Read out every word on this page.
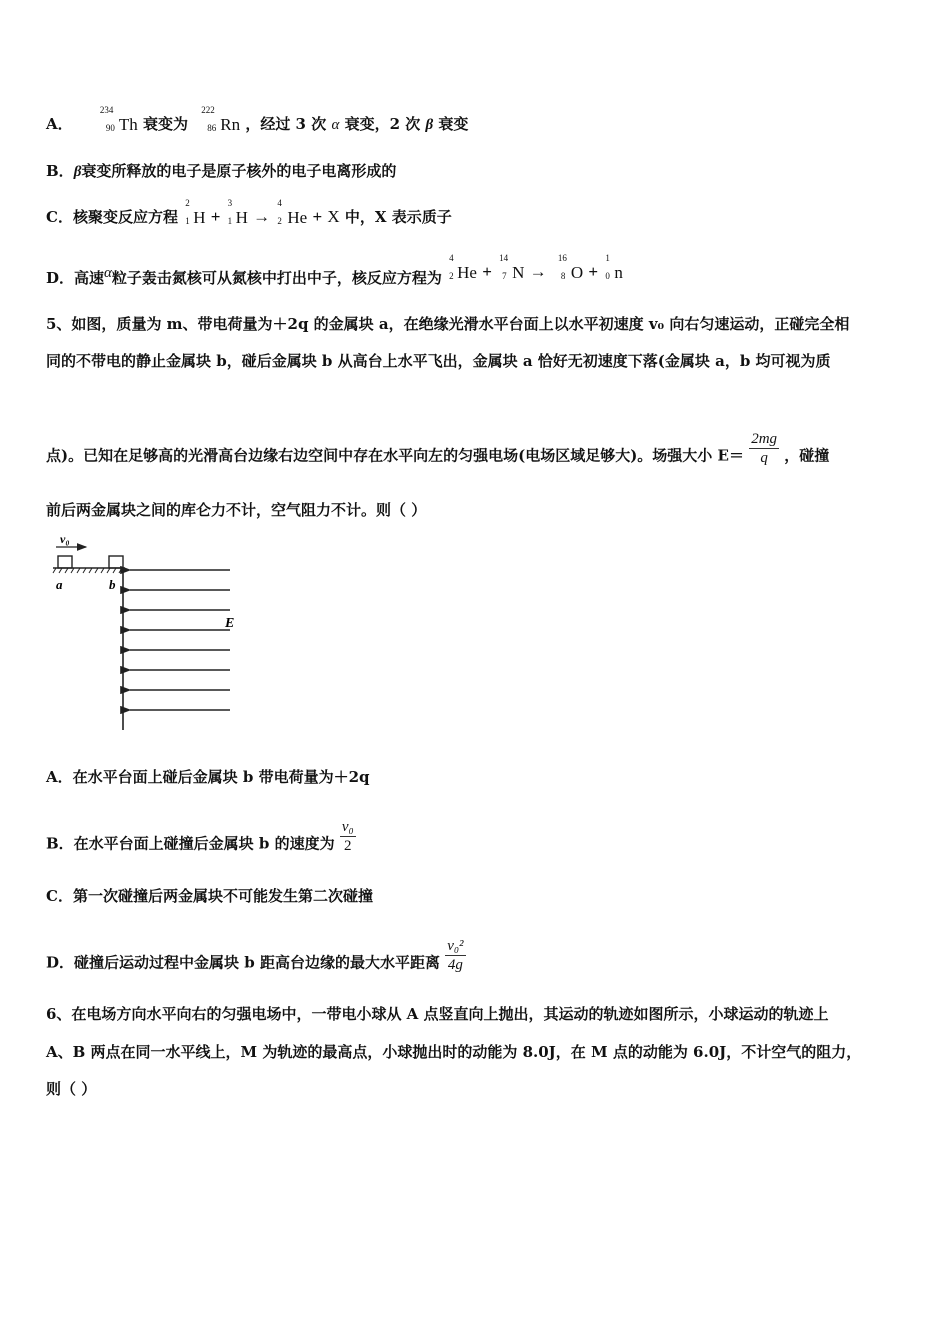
A．
234
90 Th 衰变为
222
86 Rn ，经过 3 次 α 衰变，2 次 β 衰变
B．β衰变所释放的电子是原子核外的电子电离形成的
C．核聚变反应方程
2
1 H +
3
1 H →
4
2 He + X 中，X 表示质子
D．高速α粒子轰击氮核可从氮核中打出中子，核反应方程为
4
2 He +
14
7 N →
16
8 O +
1
0 n
5、如图，质量为 m、带电荷量为＋2q 的金属块 a，在绝缘光滑水平台面上以水平初速度 v₀ 向右匀速运动，正碰完全相
同的不带电的静止金属块 b，碰后金属块 b 从高台上水平飞出，金属块 a 恰好无初速度下落(金属块 a，b 均可视为质
点)。已知在足够高的光滑高台边缘右边空间中存在水平向左的匀强电场(电场区域足够大)。场强大小 $E= \frac{2mg}{q}$ ，碰撞
前后两金属块之间的库仑力不计，空气阻力不计。则（ ）
v₀
a	b
E
A．在水平台面上碰后金属块 b 带电荷量为＋2q
B．在水平台面上碰撞后金属块 b 的速度为 $\frac{\text{v₀}}{2}$
C．第一次碰撞后两金属块不可能发生第二次碰撞
D．碰撞后运动过程中金属块 b 距高台边缘的最大水平距离 $\frac{\text{v₀²}}{4g}$
6、在电场方向水平向右的匀强电场中，一带电小球从 A 点竖直向上抛出，其运动的轨迹如图所示，小球运动的轨迹上
A、B 两点在同一水平线上，M 为轨迹的最高点，小球抛出时的动能为 8.0J，在 M 点的动能为 6.0J，不计空气的阻力，
则（ ）
